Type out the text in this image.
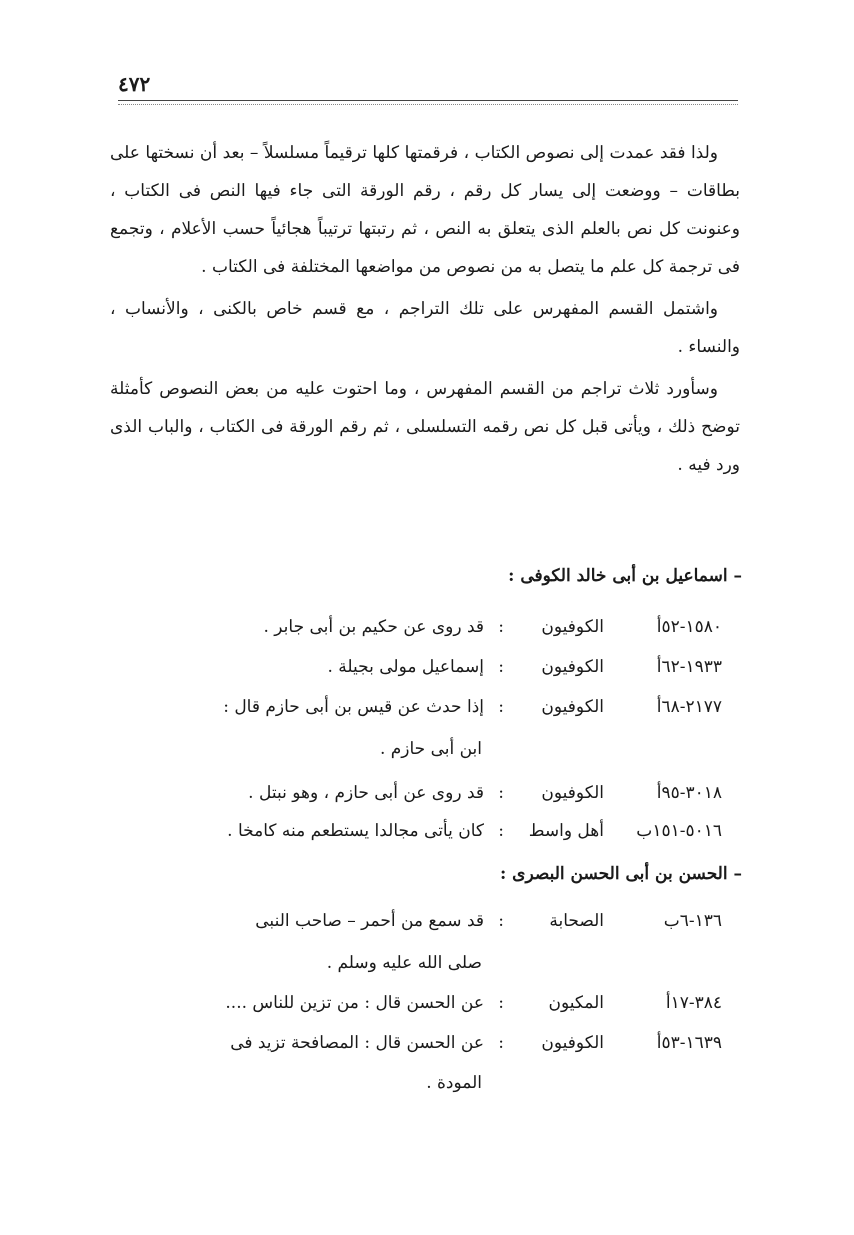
٤٧٢

ولذا فقد عمدت إلى نصوص الكتاب ، فرقمتها كلها ترقيماً مسلسلاً – بعد أن نسختها على بطاقات – ووضعت إلى يسار كل رقم ، رقم الورقة التى جاء فيها النص فى الكتاب ، وعنونت كل نص بالعلم الذى يتعلق به النص ، ثم رتبتها ترتيباً هجائياً حسب الأعلام ، وتجمع فى ترجمة كل علم ما يتصل به من نصوص من مواضعها المختلفة فى الكتاب .

واشتمل القسم المفهرس على تلك التراجم ، مع قسم خاص بالكنى ، والأنساب ، والنساء .

وسأورد ثلاث تراجم من القسم المفهرس ، وما احتوت عليه من بعض النصوص كأمثلة توضح ذلك ، ويأتى قبل كل نص رقمه التسلسلى ، ثم رقم الورقة فى الكتاب ، والباب الذى ورد فيه .

– اسماعيل بن أبى خالد الكوفى :
١٥٨٠-٥٢أ
الكوفيون
:
قد روى عن حكيم بن أبى جابر .
١٩٣٣-٦٢أ
الكوفيون
:
إسماعيل مولى بجيلة .
٢١٧٧-٦٨أ
الكوفيون
:
إذا حدث عن قيس بن أبى حازم قال :
ابن أبى حازم .
٣٠١٨-٩٥أ
الكوفيون
:
قد روى عن أبى حازم ، وهو نبتل .
٥٠١٦-١٥١ب
أهل واسط
:
كان يأتى مجالدا يستطعم منه كامخا .
– الحسن بن أبى الحسن البصرى :
١٣٦-٦ب
الصحابة
:
قد سمع من أحمر – صاحب النبى
صلى الله عليه وسلم .
٣٨٤-١٧أ
المكيون
:
عن الحسن قال : من تزين للناس ....
١٦٣٩-٥٣أ
الكوفيون
:
عن الحسن قال : المصافحة تزيد فى
المودة .
